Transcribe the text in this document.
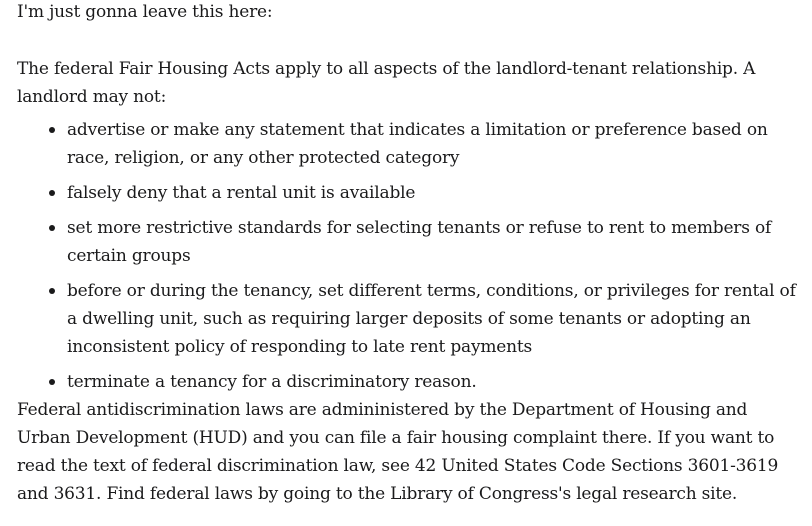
I'm just gonna leave this here:

The federal Fair Housing Acts apply to all aspects of the landlord-tenant relationship. A landlord may not:

advertise or make any statement that indicates a limitation or preference based on race, religion, or any other protected category
falsely deny that a rental unit is available
set more restrictive standards for selecting tenants or refuse to rent to members of certain groups
before or during the tenancy, set different terms, conditions, or privileges for rental of a dwelling unit, such as requiring larger deposits of some tenants or adopting an inconsistent policy of responding to late rent payments
terminate a tenancy for a discriminatory reason.

Federal antidiscrimination laws are admininistered by the Department of Housing and Urban Development (HUD) and you can file a fair housing complaint there. If you want to read the text of federal discrimination law, see 42 United States Code Sections 3601-3619 and 3631. Find federal laws by going to the Library of Congress's legal research site.
